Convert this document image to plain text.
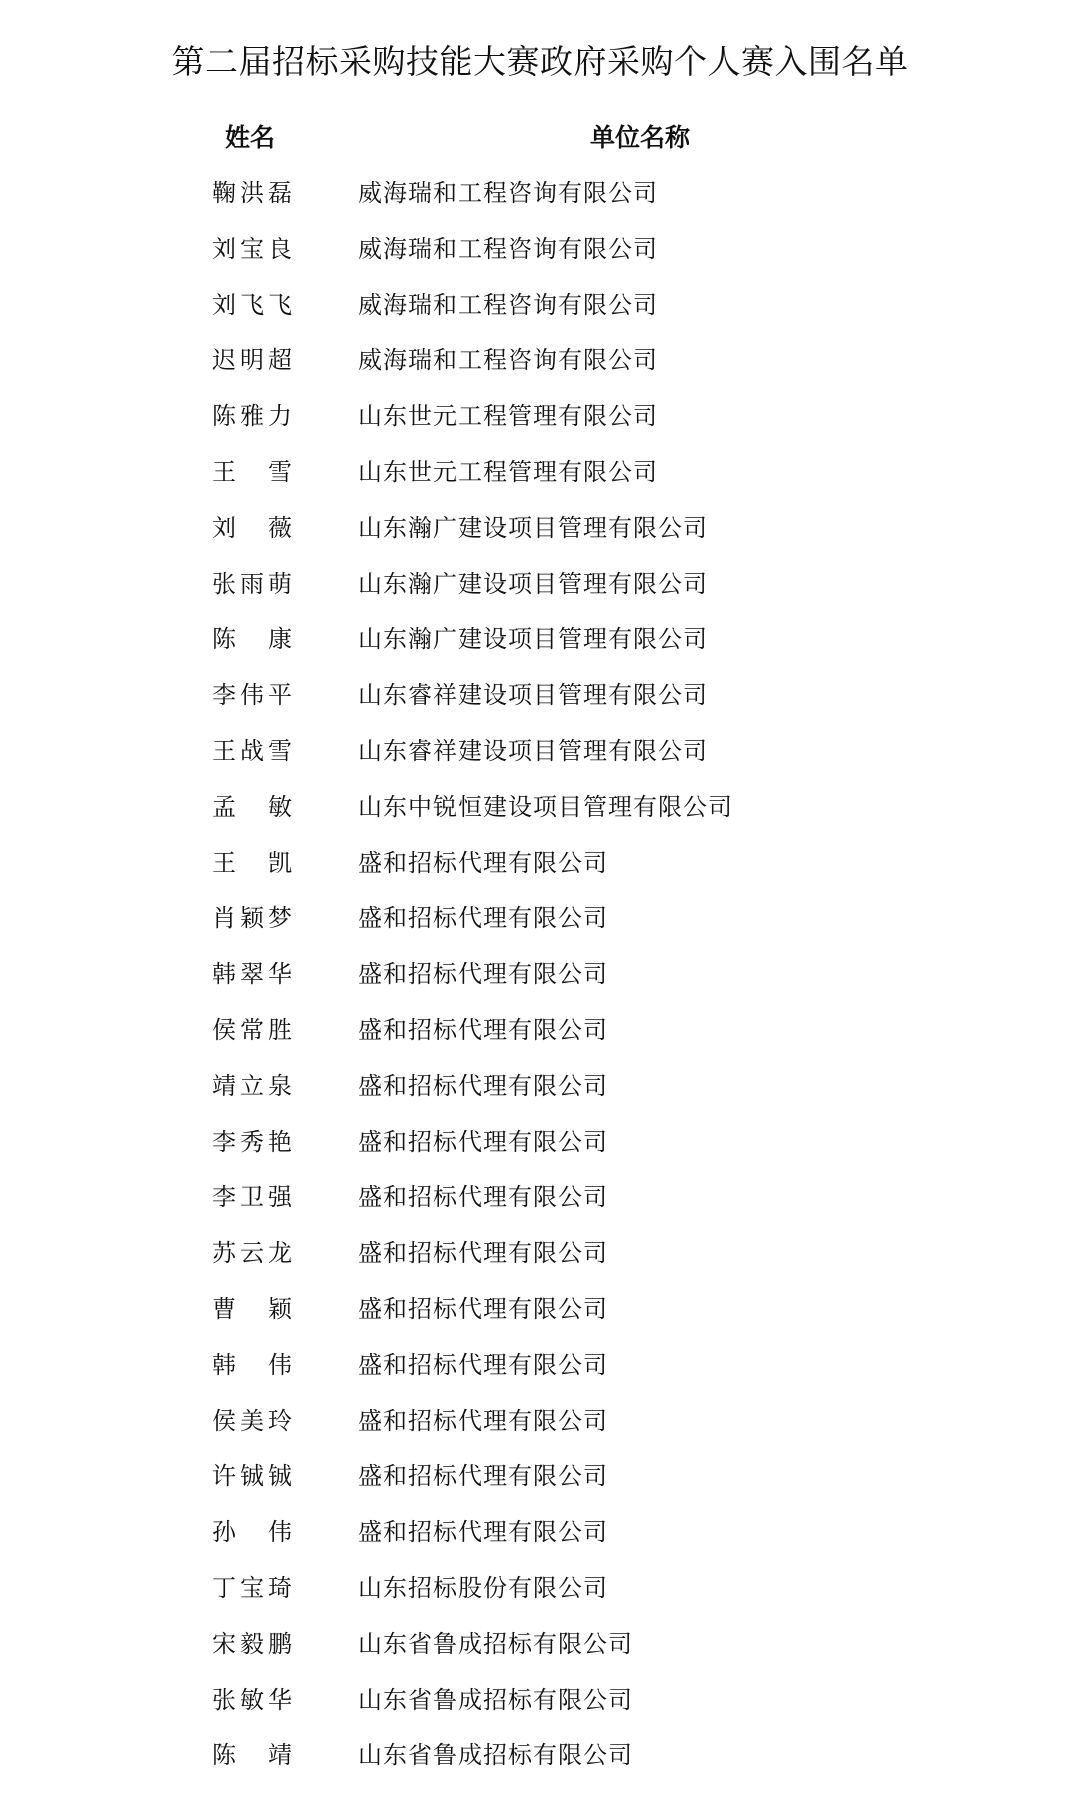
第二届招标采购技能大赛政府采购个人赛入围名单
姓名	单位名称
鞠洪磊	威海瑞和工程咨询有限公司
刘宝良	威海瑞和工程咨询有限公司
刘飞飞	威海瑞和工程咨询有限公司
迟明超	威海瑞和工程咨询有限公司
陈雅力	山东世元工程管理有限公司
王雪	山东世元工程管理有限公司
刘薇	山东瀚广建设项目管理有限公司
张雨萌	山东瀚广建设项目管理有限公司
陈康	山东瀚广建设项目管理有限公司
李伟平	山东睿祥建设项目管理有限公司
王战雪	山东睿祥建设项目管理有限公司
孟敏	山东中锐恒建设项目管理有限公司
王凯	盛和招标代理有限公司
肖颖梦	盛和招标代理有限公司
韩翠华	盛和招标代理有限公司
侯常胜	盛和招标代理有限公司
靖立泉	盛和招标代理有限公司
李秀艳	盛和招标代理有限公司
李卫强	盛和招标代理有限公司
苏云龙	盛和招标代理有限公司
曹颖	盛和招标代理有限公司
韩伟	盛和招标代理有限公司
侯美玲	盛和招标代理有限公司
许铖铖	盛和招标代理有限公司
孙伟	盛和招标代理有限公司
丁宝琦	山东招标股份有限公司
宋毅鹏	山东省鲁成招标有限公司
张敏华	山东省鲁成招标有限公司
陈靖	山东省鲁成招标有限公司
